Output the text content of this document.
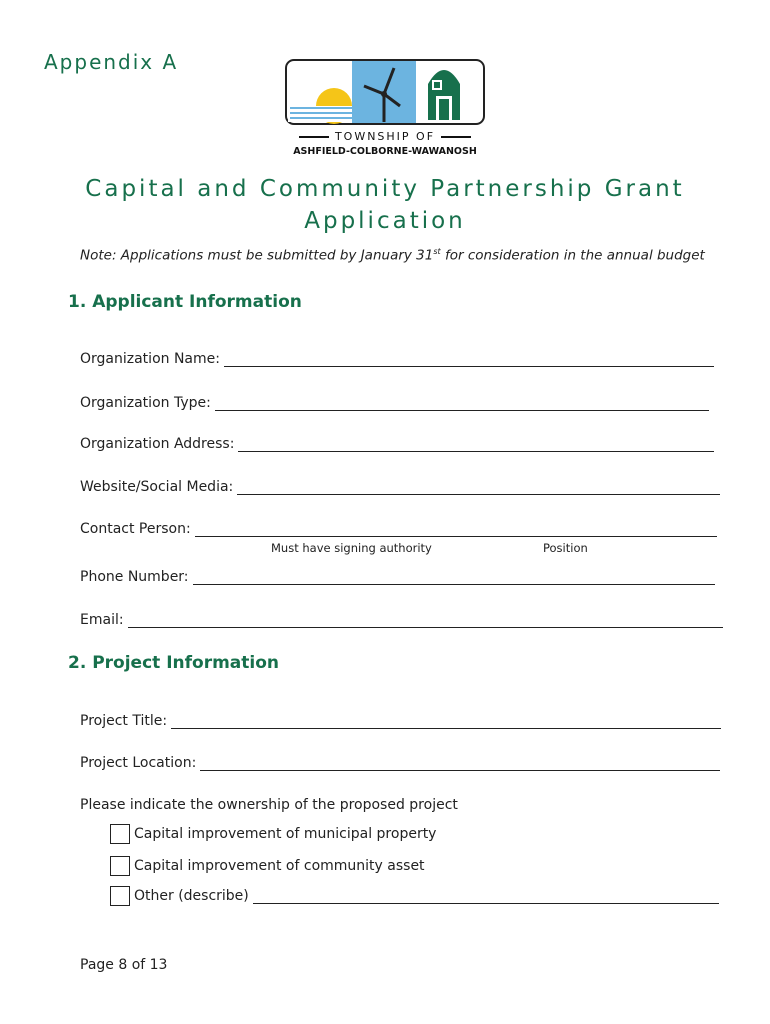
Appendix A
TOWNSHIP OF
ASHFIELD-COLBORNE-WAWANOSH
Capital and Community Partnership Grant
Application
Note: Applications must be submitted by January 31st for consideration in the annual budget
1. Applicant Information
Organization Name:
Organization Type:
Organization Address:
Website/Social Media:
Contact Person:
Must have signing authority	Position
Phone Number:
Email:
2. Project Information
Project Title:
Project Location:
Please indicate the ownership of the proposed project
Capital improvement of municipal property
Capital improvement of community asset
Other (describe)
Page 8 of 13
